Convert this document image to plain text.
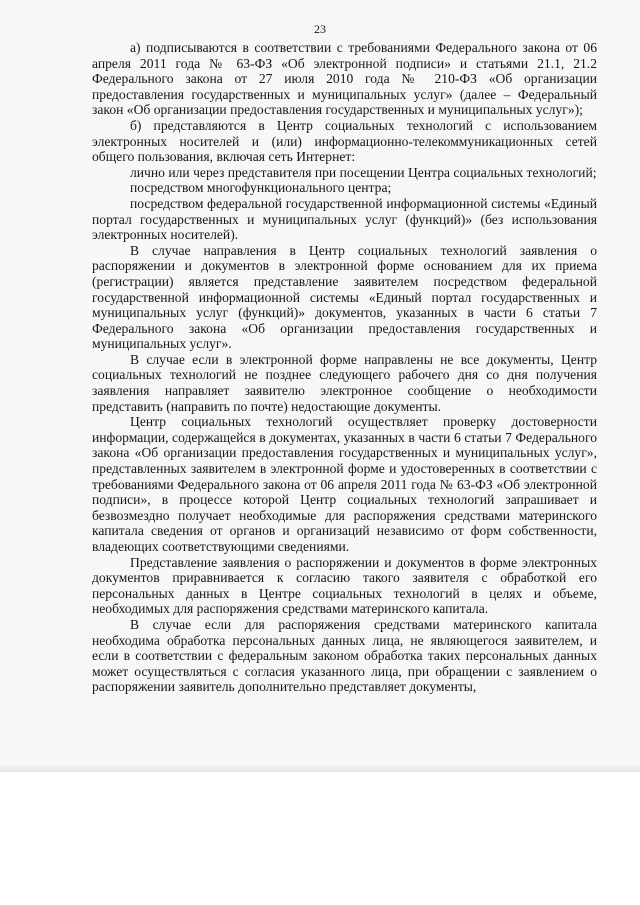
23

а) подписываются в соответствии с требованиями Федерального закона от 06 апреля 2011 года № 63-ФЗ «Об электронной подписи» и статьями 21.1, 21.2 Федерального закона от 27 июля 2010 года № 210-ФЗ «Об организации предоставления государственных и муниципальных услуг» (далее – Федеральный закон «Об организации предоставления государственных и муниципальных услуг»);

б) представляются в Центр социальных технологий с использованием электронных носителей и (или) информационно-телекоммуникационных сетей общего пользования, включая сеть Интернет:

лично или через представителя при посещении Центра социальных технологий;

посредством многофункционального центра;

посредством федеральной государственной информационной системы «Единый портал государственных и муниципальных услуг (функций)» (без использования электронных носителей).

В случае направления в Центр социальных технологий заявления о распоряжении и документов в электронной форме основанием для их приема (регистрации) является представление заявителем посредством федеральной государственной информационной системы «Единый портал государственных и муниципальных услуг (функций)» документов, указанных в части 6 статьи 7 Федерального закона «Об организации предоставления государственных и муниципальных услуг».

В случае если в электронной форме направлены не все документы, Центр социальных технологий не позднее следующего рабочего дня со дня получения заявления направляет заявителю электронное сообщение о необходимости представить (направить по почте) недостающие документы.

Центр социальных технологий осуществляет проверку достоверности информации, содержащейся в документах, указанных в части 6 статьи 7 Федерального закона «Об организации предоставления государственных и муниципальных услуг», представленных заявителем в электронной форме и удостоверенных в соответствии с требованиями Федерального закона от 06 апреля 2011 года № 63-ФЗ «Об электронной подписи», в процессе которой Центр социальных технологий запрашивает и безвозмездно получает необходимые для распоряжения средствами материнского капитала сведения от органов и организаций независимо от форм собственности, владеющих соответствующими сведениями.

Представление заявления о распоряжении и документов в форме электронных документов приравнивается к согласию такого заявителя с обработкой его персональных данных в Центре социальных технологий в целях и объеме, необходимых для распоряжения средствами материнского капитала.

В случае если для распоряжения средствами материнского капитала необходима обработка персональных данных лица, не являющегося заявителем, и если в соответствии с федеральным законом обработка таких персональных данных может осуществляться с согласия указанного лица, при обращении с заявлением о распоряжении заявитель дополнительно представляет документы,
